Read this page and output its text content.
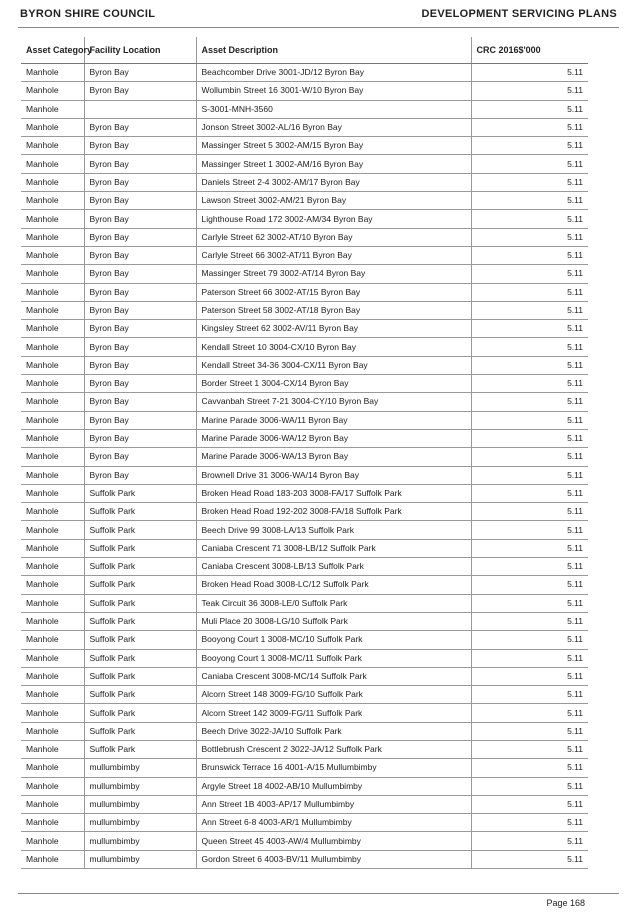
BYRON SHIRE COUNCIL	DEVELOPMENT SERVICING PLANS
Asset Category	Facility Location	Asset Description	CRC 2016$'000
Manhole	Byron Bay	Beachcomber Drive 3001-JD/12 Byron Bay	5.11
Manhole	Byron Bay	Wollumbin Street 16 3001-W/10 Byron Bay	5.11
Manhole		S-3001-MNH-3560	5.11
Manhole	Byron Bay	Jonson Street 3002-AL/16 Byron Bay	5.11
Manhole	Byron Bay	Massinger Street 5 3002-AM/15 Byron Bay	5.11
Manhole	Byron Bay	Massinger Street 1 3002-AM/16 Byron Bay	5.11
Manhole	Byron Bay	Daniels Street 2-4 3002-AM/17 Byron Bay	5.11
Manhole	Byron Bay	Lawson Street 3002-AM/21 Byron Bay	5.11
Manhole	Byron Bay	Lighthouse Road 172 3002-AM/34 Byron Bay	5.11
Manhole	Byron Bay	Carlyle Street 62 3002-AT/10 Byron Bay	5.11
Manhole	Byron Bay	Carlyle Street 66 3002-AT/11 Byron Bay	5.11
Manhole	Byron Bay	Massinger Street 79 3002-AT/14 Byron Bay	5.11
Manhole	Byron Bay	Paterson Street 66 3002-AT/15 Byron Bay	5.11
Manhole	Byron Bay	Paterson Street 58 3002-AT/18 Byron Bay	5.11
Manhole	Byron Bay	Kingsley Street 62 3002-AV/11 Byron Bay	5.11
Manhole	Byron Bay	Kendall Street 10 3004-CX/10 Byron Bay	5.11
Manhole	Byron Bay	Kendall Street 34-36 3004-CX/11 Byron Bay	5.11
Manhole	Byron Bay	Border Street 1 3004-CX/14 Byron Bay	5.11
Manhole	Byron Bay	Cavvanbah Street 7-21 3004-CY/10 Byron Bay	5.11
Manhole	Byron Bay	Marine Parade 3006-WA/11 Byron Bay	5.11
Manhole	Byron Bay	Marine Parade 3006-WA/12 Byron Bay	5.11
Manhole	Byron Bay	Marine Parade 3006-WA/13 Byron Bay	5.11
Manhole	Byron Bay	Brownell Drive 31 3006-WA/14 Byron Bay	5.11
Manhole	Suffolk Park	Broken Head Road 183-203 3008-FA/17 Suffolk Park	5.11
Manhole	Suffolk Park	Broken Head Road 192-202 3008-FA/18 Suffolk Park	5.11
Manhole	Suffolk Park	Beech Drive 99 3008-LA/13 Suffolk Park	5.11
Manhole	Suffolk Park	Caniaba Crescent 71 3008-LB/12 Suffolk Park	5.11
Manhole	Suffolk Park	Caniaba Crescent 3008-LB/13 Suffolk Park	5.11
Manhole	Suffolk Park	Broken Head Road 3008-LC/12 Suffolk Park	5.11
Manhole	Suffolk Park	Teak Circuit 36 3008-LE/0 Suffolk Park	5.11
Manhole	Suffolk Park	Muli Place 20 3008-LG/10 Suffolk Park	5.11
Manhole	Suffolk Park	Booyong Court 1 3008-MC/10 Suffolk Park	5.11
Manhole	Suffolk Park	Booyong Court 1 3008-MC/11 Suffolk Park	5.11
Manhole	Suffolk Park	Caniaba Crescent 3008-MC/14 Suffolk Park	5.11
Manhole	Suffolk Park	Alcorn Street 148 3009-FG/10 Suffolk Park	5.11
Manhole	Suffolk Park	Alcorn Street 142 3009-FG/11 Suffolk Park	5.11
Manhole	Suffolk Park	Beech Drive 3022-JA/10 Suffolk Park	5.11
Manhole	Suffolk Park	Bottlebrush Crescent 2 3022-JA/12 Suffolk Park	5.11
Manhole	mullumbimby	Brunswick Terrace 16 4001-A/15 Mullumbimby	5.11
Manhole	mullumbimby	Argyle Street 18 4002-AB/10 Mullumbimby	5.11
Manhole	mullumbimby	Ann Street 1B 4003-AP/17 Mullumbimby	5.11
Manhole	mullumbimby	Ann Street 6-8 4003-AR/1 Mullumbimby	5.11
Manhole	mullumbimby	Queen Street 45 4003-AW/4 Mullumbimby	5.11
Manhole	mullumbimby	Gordon Street 6 4003-BV/11 Mullumbimby	5.11
Page 168
